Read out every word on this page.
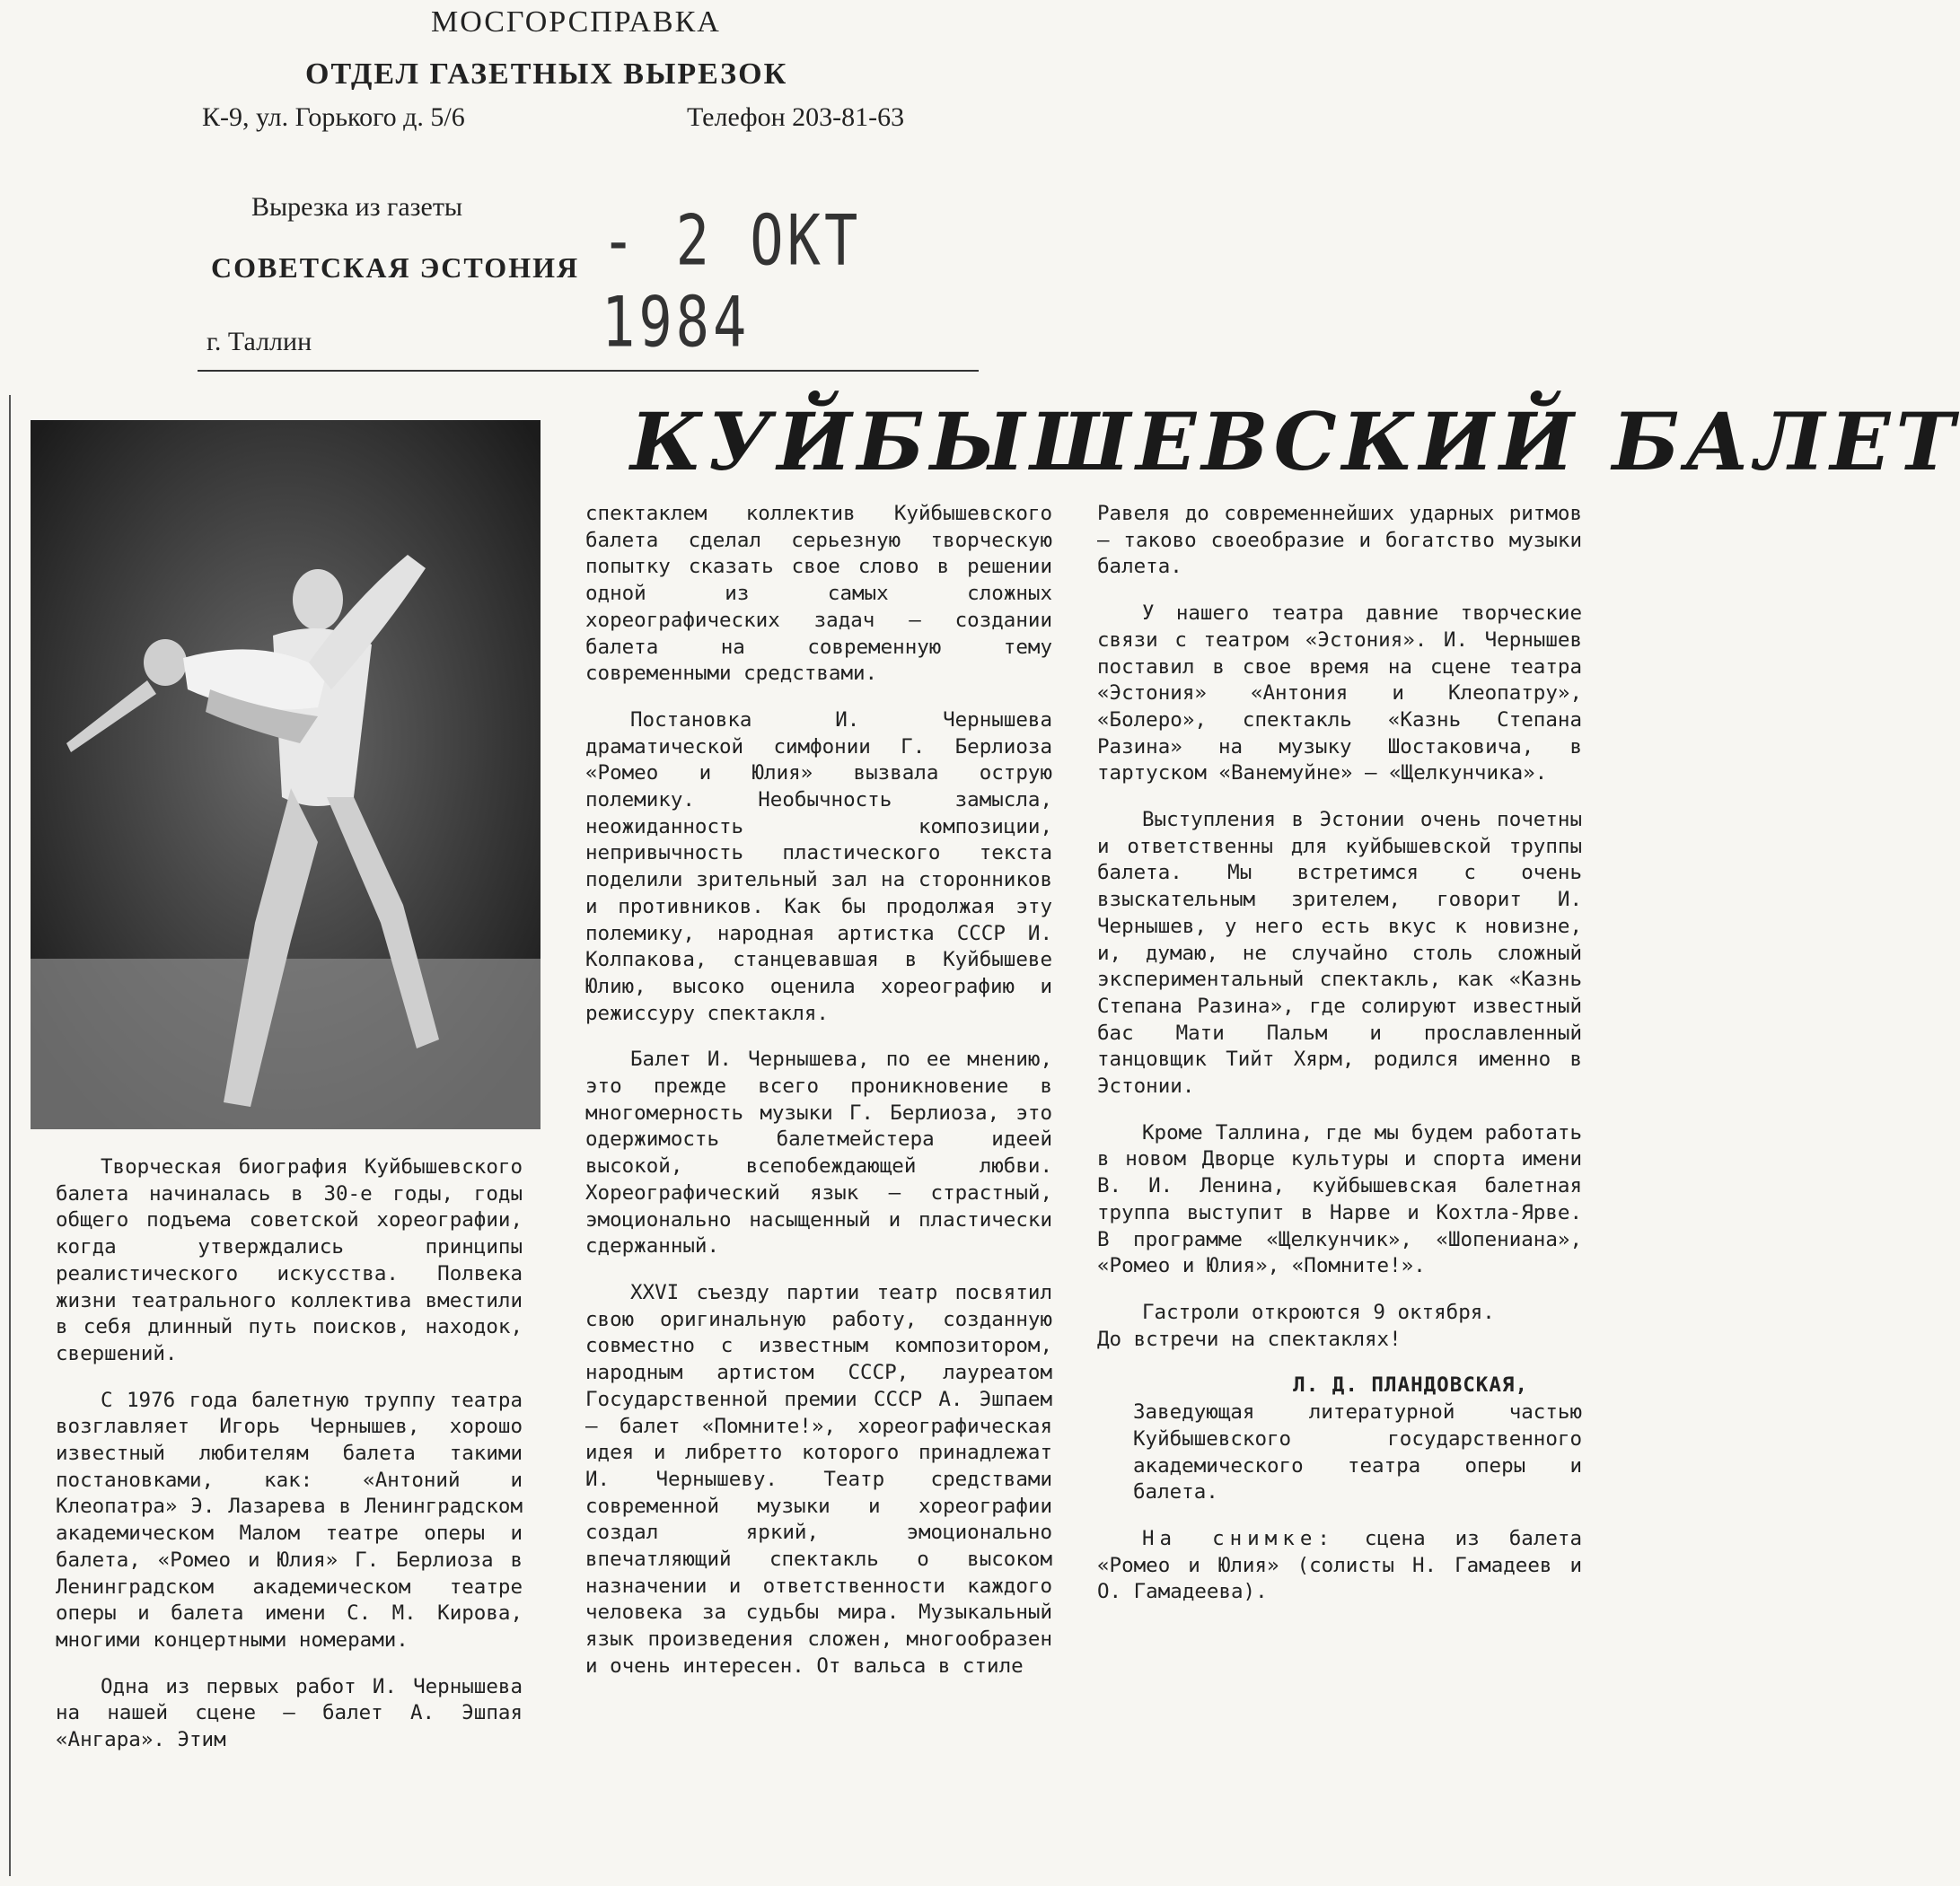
МОСГОРСПРАВКА
ОТДЕЛ ГАЗЕТНЫХ ВЫРЕЗОК
К-9, ул. Горького д. 5/6	Телефон 203-81-63
Вырезка из газеты
СОВЕТСКАЯ ЭСТОНИЯ - 2 ОКТ 1984
г. Таллин
КУЙБЫШЕВСКИЙ БАЛЕТ

Творческая биография Куйбышевского балета начиналась в 30-е годы, годы общего подъема советской хореографии, когда утверждались принципы реалистического искусства. Полвека жизни театрального коллектива вместили в себя длинный путь поисков, находок, свершений.

С 1976 года балетную труппу театра возглавляет Игорь Чернышев, хорошо известный любителям балета такими постановками, как: «Антоний и Клеопатра» Э. Лазарева в Ленинградском академическом Малом театре оперы и балета, «Ромео и Юлия» Г. Берлиоза в Ленинградском академическом театре оперы и балета имени С. М. Кирова, многими концертными номерами.

Одна из первых работ И. Чернышева на нашей сцене — балет А. Эшпая «Ангара». Этим

спектаклем коллектив Куйбышевского балета сделал серьезную творческую попытку сказать свое слово в решении одной из самых сложных хореографических задач — создании балета на современную тему современными средствами.

Постановка И. Чернышева драматической симфонии Г. Берлиоза «Ромео и Юлия» вызвала острую полемику. Необычность замысла, неожиданность композиции, непривычность пластического текста поделили зрительный зал на сторонников и противников. Как бы продолжая эту полемику, народная артистка СССР И. Колпакова, станцевавшая в Куйбышеве Юлию, высоко оценила хореографию и режиссуру спектакля.

Балет И. Чернышева, по ее мнению, это прежде всего проникновение в многомерность музыки Г. Берлиоза, это одержимость балетмейстера идеей высокой, всепобеждающей любви. Хореографический язык — страстный, эмоционально насыщенный и пластически сдержанный.

XXVI съезду партии театр посвятил свою оригинальную работу, созданную совместно с известным композитором, народным артистом СССР, лауреатом Государственной премии СССР А. Эшпаем — балет «Помните!», хореографическая идея и либретто которого принадлежат И. Чернышеву. Театр средствами современной музыки и хореографии создал яркий, эмоционально впечатляющий спектакль о высоком назначении и ответственности каждого человека за судьбы мира. Музыкальный язык произведения сложен, многообразен и очень интересен. От вальса в стиле

Равеля до современнейших ударных ритмов — таково своеобразие и богатство музыки балета.

У нашего театра давние творческие связи с театром «Эстония». И. Чернышев поставил в свое время на сцене театра «Эстония» «Антония и Клеопатру», «Болеро», спектакль «Казнь Степана Разина» на музыку Шостаковича, в тартуском «Ванемуйне» — «Щелкунчика».

Выступления в Эстонии очень почетны и ответственны для куйбышевской труппы балета. Мы встретимся с очень взыскательным зрителем, говорит И. Чернышев, у него есть вкус к новизне, и, думаю, не случайно столь сложный экспериментальный спектакль, как «Казнь Степана Разина», где солируют известный бас Мати Пальм и прославленный танцовщик Тийт Хярм, родился именно в Эстонии.

Кроме Таллина, где мы будем работать в новом Дворце культуры и спорта имени В. И. Ленина, куйбышевская балетная труппа выступит в Нарве и Кохтла-Ярве. В программе «Щелкунчик», «Шопениана», «Ромео и Юлия», «Помните!».

Гастроли откроются 9 октября.

До встречи на спектаклях!

Л. Д. ПЛАНДОВСКАЯ,
Заведующая литературной частью Куйбышевского государственного академического театра оперы и балета.

На снимке: сцена из балета «Ромео и Юлия» (солисты Н. Гамадеев и О. Гамадеева).
